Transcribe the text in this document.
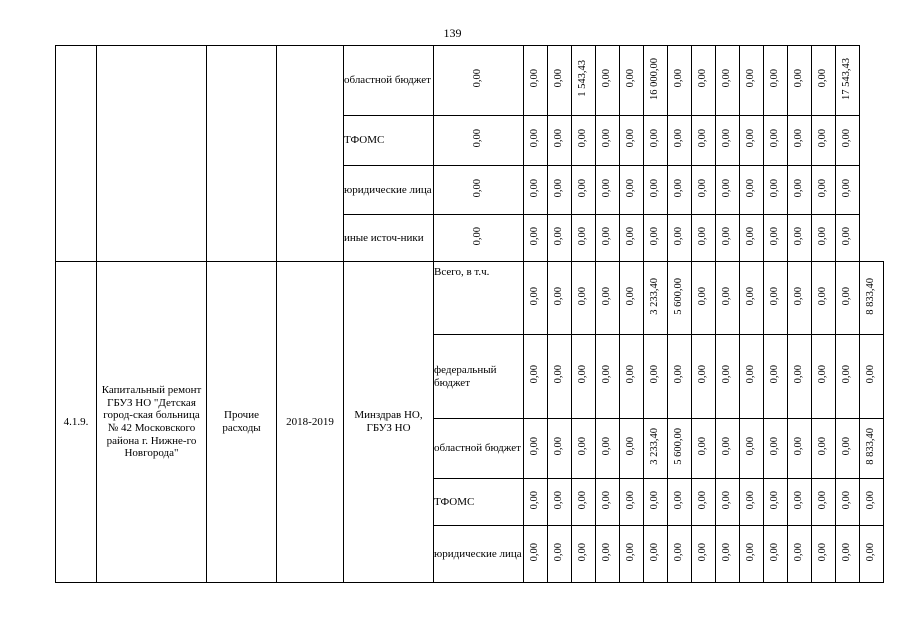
139
				областной бюджет	0,00	0,00	0,00	1 543,43	0,00	0,00	16 000,00	0,00	0,00	0,00	0,00	0,00	0,00	0,00	17 543,43	
				ТФОМС	0,00	0,00	0,00	0,00	0,00	0,00	0,00	0,00	0,00	0,00	0,00	0,00	0,00	0,00	0,00	
				юридические лица	0,00	0,00	0,00	0,00	0,00	0,00	0,00	0,00	0,00	0,00	0,00	0,00	0,00	0,00	0,00	
				иные источ-ники	0,00	0,00	0,00	0,00	0,00	0,00	0,00	0,00	0,00	0,00	0,00	0,00	0,00	0,00	0,00	
4.1.9.	Капитальный ремонт ГБУЗ НО "Детская город-ская больница № 42 Московского района г. Нижне-го Новгорода"	Прочие расходы	2018-2019	Минздрав НО, ГБУЗ НО	Всего, в т.ч.	0,00	0,00	0,00	0,00	0,00	3 233,40	5 600,00	0,00	0,00	0,00	0,00	0,00	0,00	0,00	8 833,40
					федеральный бюджет	0,00	0,00	0,00	0,00	0,00	0,00	0,00	0,00	0,00	0,00	0,00	0,00	0,00	0,00	0,00
					областной бюджет	0,00	0,00	0,00	0,00	0,00	3 233,40	5 600,00	0,00	0,00	0,00	0,00	0,00	0,00	0,00	8 833,40
					ТФОМС	0,00	0,00	0,00	0,00	0,00	0,00	0,00	0,00	0,00	0,00	0,00	0,00	0,00	0,00	0,00
					юридические лица	0,00	0,00	0,00	0,00	0,00	0,00	0,00	0,00	0,00	0,00	0,00	0,00	0,00	0,00	0,00
